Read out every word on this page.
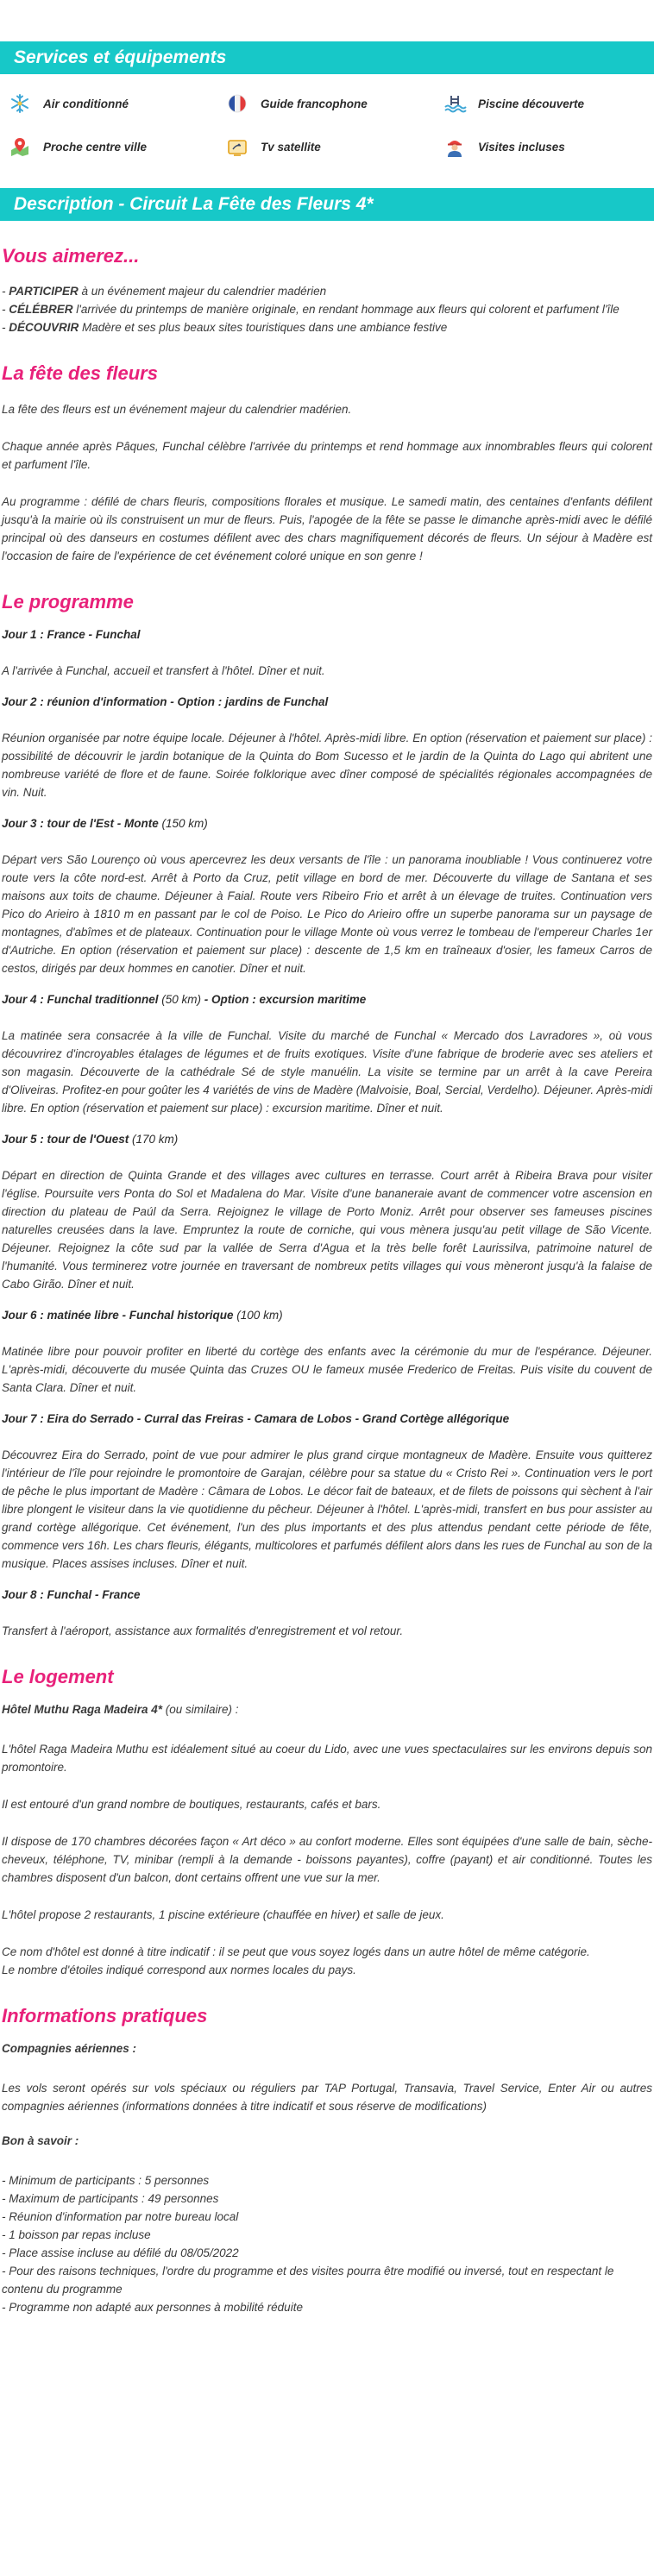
Services et équipements
Air conditionné	Guide francophone	Piscine découverte
Proche centre ville	Tv satellite	Visites incluses
Description - Circuit La Fête des Fleurs 4*
Vous aimerez...
- PARTICIPER à un événement majeur du calendrier madérien
- CÉLÉBRER l'arrivée du printemps de manière originale, en rendant hommage aux fleurs qui colorent et parfument l'île
- DÉCOUVRIR Madère et ses plus beaux sites touristiques dans une ambiance festive
La fête des fleurs

La fête des fleurs est un événement majeur du calendrier madérien.

Chaque année après Pâques, Funchal célèbre l'arrivée du printemps et rend hommage aux innombrables fleurs qui colorent et parfument l'île.

Au programme : défilé de chars fleuris, compositions florales et musique. Le samedi matin, des centaines d'enfants défilent jusqu'à la mairie où ils construisent un mur de fleurs. Puis, l'apogée de la fête se passe le dimanche après-midi avec le défilé principal où des danseurs en costumes défilent avec des chars magnifiquement décorés de fleurs. Un séjour à Madère est l'occasion de faire de l'expérience de cet événement coloré unique en son genre !

Le programme
Jour 1 : France - Funchal

A l'arrivée à Funchal, accueil et transfert à l'hôtel. Dîner et nuit.

Jour 2 : réunion d'information - Option : jardins de Funchal

Réunion organisée par notre équipe locale. Déjeuner à l'hôtel. Après-midi libre. En option (réservation et paiement sur place) : possibilité de découvrir le jardin botanique de la Quinta do Bom Sucesso et le jardin de la Quinta do Lago qui abritent une nombreuse variété de flore et de faune. Soirée folklorique avec dîner composé de spécialités régionales accompagnées de vin. Nuit.

Jour 3 : tour de l'Est - Monte (150 km)

Départ vers São Lourenço où vous apercevrez les deux versants de l'île : un panorama inoubliable ! Vous continuerez votre route vers la côte nord-est. Arrêt à Porto da Cruz, petit village en bord de mer. Découverte du village de Santana et ses maisons aux toits de chaume. Déjeuner à Faial. Route vers Ribeiro Frio et arrêt à un élevage de truites. Continuation vers Pico do Arieiro à 1810 m en passant par le col de Poiso. Le Pico do Arieiro offre un superbe panorama sur un paysage de montagnes, d'abîmes et de plateaux. Continuation pour le village Monte où vous verrez le tombeau de l'empereur Charles 1er d'Autriche. En option (réservation et paiement sur place) : descente de 1,5 km en traîneaux d'osier, les fameux Carros de cestos, dirigés par deux hommes en canotier. Dîner et nuit.

Jour 4 : Funchal traditionnel (50 km) - Option : excursion maritime

La matinée sera consacrée à la ville de Funchal. Visite du marché de Funchal « Mercado dos Lavradores », où vous découvrirez d'incroyables étalages de légumes et de fruits exotiques. Visite d'une fabrique de broderie avec ses ateliers et son magasin. Découverte de la cathédrale Sé de style manuélin. La visite se termine par un arrêt à la cave Pereira d'Oliveiras. Profitez-en pour goûter les 4 variétés de vins de Madère (Malvoisie, Boal, Sercial, Verdelho). Déjeuner. Après-midi libre. En option (réservation et paiement sur place) : excursion maritime. Dîner et nuit.

Jour 5 : tour de l'Ouest (170 km)

Départ en direction de Quinta Grande et des villages avec cultures en terrasse. Court arrêt à Ribeira Brava pour visiter l'église. Poursuite vers Ponta do Sol et Madalena do Mar. Visite d'une bananeraie avant de commencer votre ascension en direction du plateau de Paúl da Serra. Rejoignez le village de Porto Moniz. Arrêt pour observer ses fameuses piscines naturelles creusées dans la lave. Empruntez la route de corniche, qui vous mènera jusqu'au petit village de São Vicente. Déjeuner. Rejoignez la côte sud par la vallée de Serra d'Agua et la très belle forêt Laurissilva, patrimoine naturel de l'humanité. Vous terminerez votre journée en traversant de nombreux petits villages qui vous mèneront jusqu'à la falaise de Cabo Girão. Dîner et nuit.

Jour 6 : matinée libre - Funchal historique (100 km)

Matinée libre pour pouvoir profiter en liberté du cortège des enfants avec la cérémonie du mur de l'espérance. Déjeuner. L'après-midi, découverte du musée Quinta das Cruzes OU le fameux musée Frederico de Freitas. Puis visite du couvent de Santa Clara. Dîner et nuit.

Jour 7 : Eira do Serrado - Curral das Freiras - Camara de Lobos - Grand Cortège allégorique

Découvrez Eira do Serrado, point de vue pour admirer le plus grand cirque montagneux de Madère. Ensuite vous quitterez l'intérieur de l'île pour rejoindre le promontoire de Garajan, célèbre pour sa statue du « Cristo Rei ». Continuation vers le port de pêche le plus important de Madère : Câmara de Lobos. Le décor fait de bateaux, et de filets de poissons qui sèchent à l'air libre plongent le visiteur dans la vie quotidienne du pêcheur. Déjeuner à l'hôtel. L'après-midi, transfert en bus pour assister au grand cortège allégorique. Cet événement, l'un des plus importants et des plus attendus pendant cette période de fête, commence vers 16h. Les chars fleuris, élégants, multicolores et parfumés défilent alors dans les rues de Funchal au son de la musique. Places assises incluses. Dîner et nuit.

Jour 8 : Funchal - France

Transfert à l'aéroport, assistance aux formalités d'enregistrement et vol retour.

Le logement
Hôtel Muthu Raga Madeira 4* (ou similaire) :

L'hôtel Raga Madeira Muthu est idéalement situé au coeur du Lido, avec une vues spectaculaires sur les environs depuis son promontoire.

Il est entouré d'un grand nombre de boutiques, restaurants, cafés et bars.

Il dispose de 170 chambres décorées façon « Art déco » au confort moderne. Elles sont équipées d'une salle de bain, sèche-cheveux, téléphone, TV, minibar (rempli à la demande - boissons payantes), coffre (payant) et air conditionné. Toutes les chambres disposent d'un balcon, dont certains offrent une vue sur la mer.

L'hôtel propose 2 restaurants, 1 piscine extérieure (chauffée en hiver) et salle de jeux.

Ce nom d'hôtel est donné à titre indicatif : il se peut que vous soyez logés dans un autre hôtel de même catégorie.

Le nombre d'étoiles indiqué correspond aux normes locales du pays.

Informations pratiques
Compagnies aériennes :

Les vols seront opérés sur vols spéciaux ou réguliers par TAP Portugal, Transavia, Travel Service, Enter Air ou autres compagnies aériennes (informations données à titre indicatif et sous réserve de modifications)

Bon à savoir :
- Minimum de participants : 5 personnes
- Maximum de participants : 49 personnes
- Réunion d'information par notre bureau local
- 1 boisson par repas incluse
- Place assise incluse au défilé du 08/05/2022
- Pour des raisons techniques, l'ordre du programme et des visites pourra être modifié ou inversé, tout en respectant le contenu du programme
- Programme non adapté aux personnes à mobilité réduite
